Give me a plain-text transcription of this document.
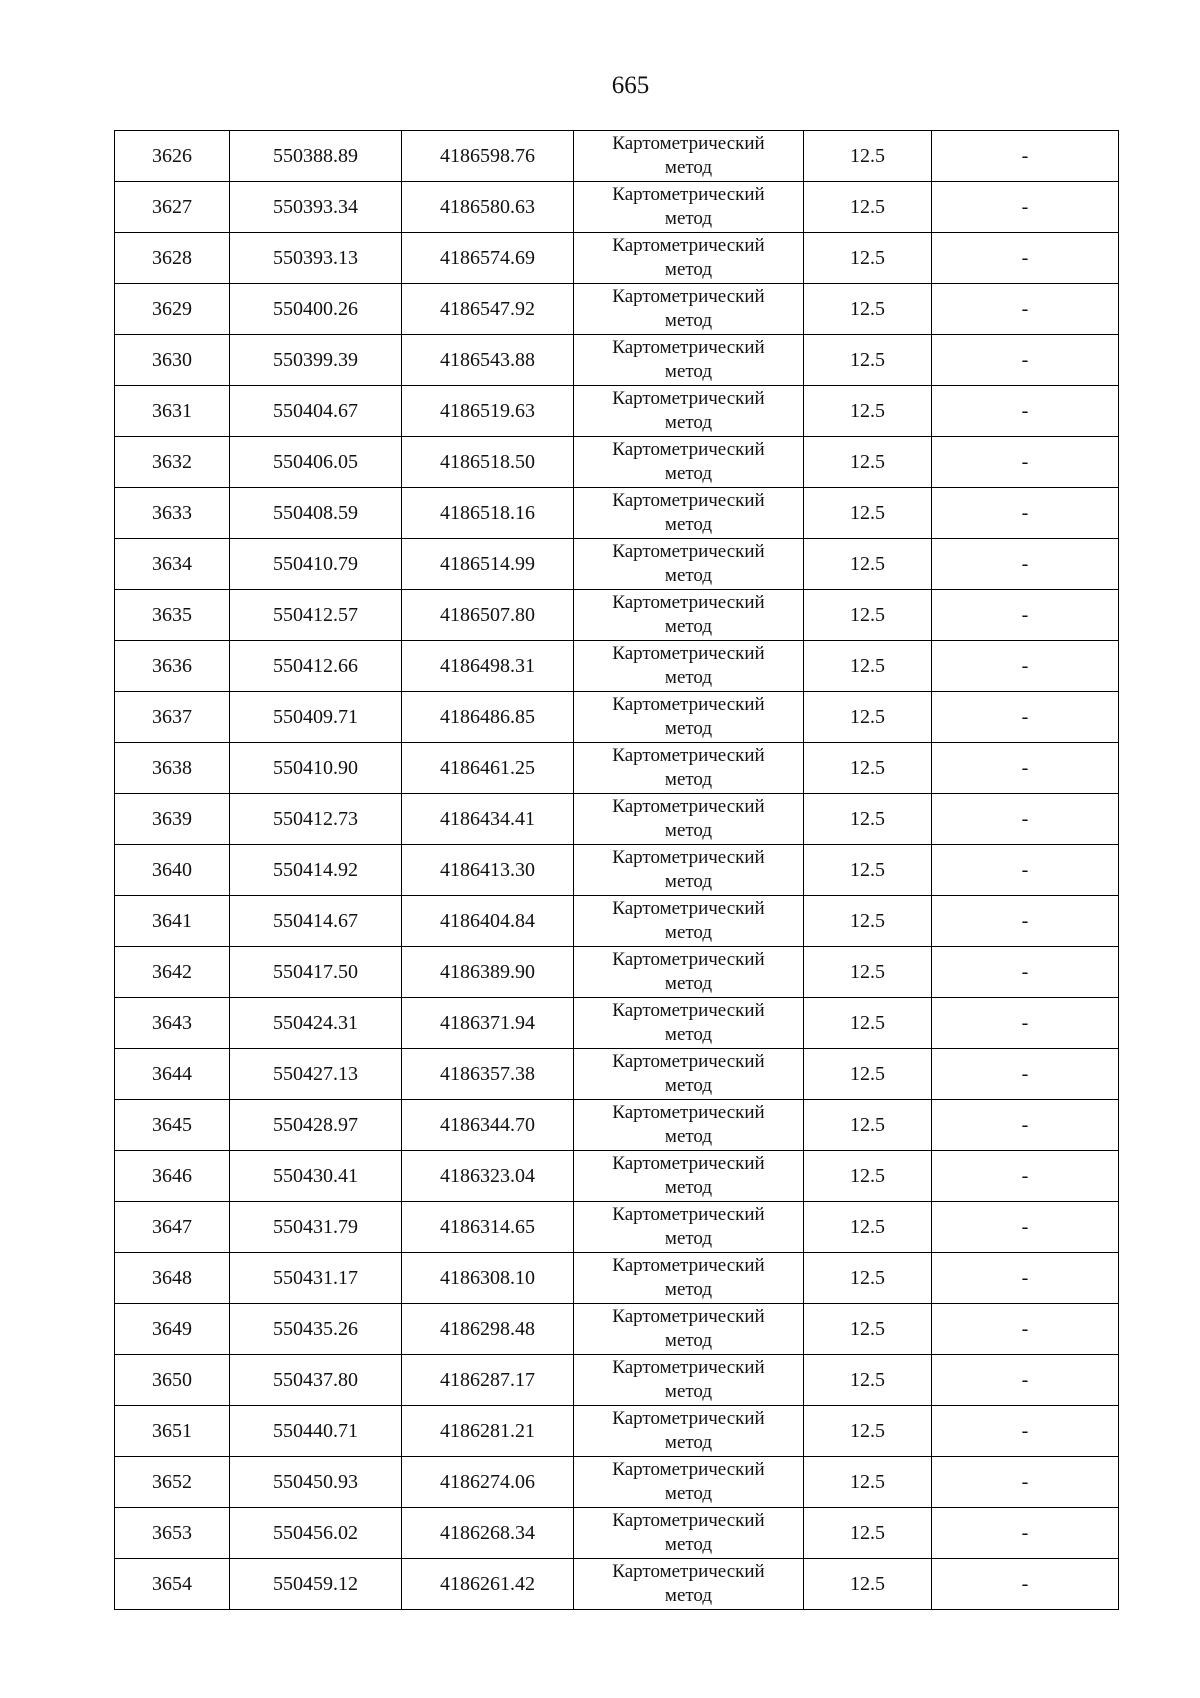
665
3626	550388.89	4186598.76	Картометрический
метод	12.5	-
3627	550393.34	4186580.63	Картометрический
метод	12.5	-
3628	550393.13	4186574.69	Картометрический
метод	12.5	-
3629	550400.26	4186547.92	Картометрический
метод	12.5	-
3630	550399.39	4186543.88	Картометрический
метод	12.5	-
3631	550404.67	4186519.63	Картометрический
метод	12.5	-
3632	550406.05	4186518.50	Картометрический
метод	12.5	-
3633	550408.59	4186518.16	Картометрический
метод	12.5	-
3634	550410.79	4186514.99	Картометрический
метод	12.5	-
3635	550412.57	4186507.80	Картометрический
метод	12.5	-
3636	550412.66	4186498.31	Картометрический
метод	12.5	-
3637	550409.71	4186486.85	Картометрический
метод	12.5	-
3638	550410.90	4186461.25	Картометрический
метод	12.5	-
3639	550412.73	4186434.41	Картометрический
метод	12.5	-
3640	550414.92	4186413.30	Картометрический
метод	12.5	-
3641	550414.67	4186404.84	Картометрический
метод	12.5	-
3642	550417.50	4186389.90	Картометрический
метод	12.5	-
3643	550424.31	4186371.94	Картометрический
метод	12.5	-
3644	550427.13	4186357.38	Картометрический
метод	12.5	-
3645	550428.97	4186344.70	Картометрический
метод	12.5	-
3646	550430.41	4186323.04	Картометрический
метод	12.5	-
3647	550431.79	4186314.65	Картометрический
метод	12.5	-
3648	550431.17	4186308.10	Картометрический
метод	12.5	-
3649	550435.26	4186298.48	Картометрический
метод	12.5	-
3650	550437.80	4186287.17	Картометрический
метод	12.5	-
3651	550440.71	4186281.21	Картометрический
метод	12.5	-
3652	550450.93	4186274.06	Картометрический
метод	12.5	-
3653	550456.02	4186268.34	Картометрический
метод	12.5	-
3654	550459.12	4186261.42	Картометрический
метод	12.5	-
